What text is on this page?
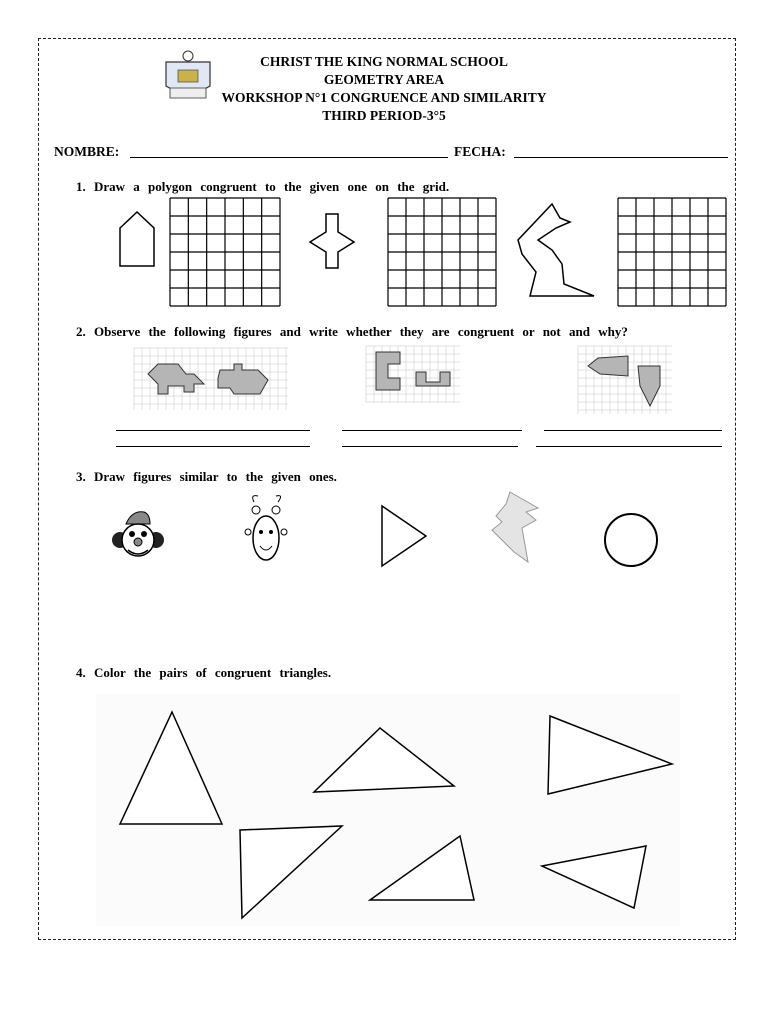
CHRIST THE KING NORMAL SCHOOL
GEOMETRY AREA
WORKSHOP N°1 CONGRUENCE AND SIMILARITY
THIRD PERIOD-3°5
NOMBRE:	FECHA:
1. Draw a polygon congruent to the given one on the grid.
2. Observe the following figures and write whether they are congruent or not and why?
3. Draw figures similar to the given ones.
4. Color the pairs of congruent triangles.
